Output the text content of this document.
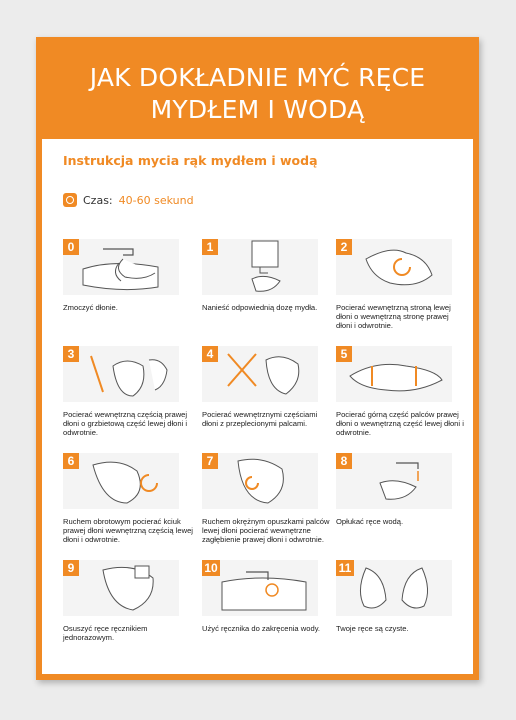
JAK DOKŁADNIE MYĆ RĘCE
MYDŁEM I WODĄ
Instrukcja mycia rąk mydłem i wodą
Czas: 40-60 sekund
0
Zmoczyć dłonie.
1
Nanieść odpowiednią dozę mydła.
2
Pocierać wewnętrzną stroną lewej dłoni o wewnętrzną stronę prawej dłoni i odwrotnie.
3
Pocierać wewnętrzną częścią prawej dłoni o grzbietową część lewej dłoni i odwrotnie.
4
Pocierać wewnętrznymi częściami dłoni z przeplecionymi palcami.
5
Pocierać górną część palców prawej dłoni o wewnętrzną część lewej dłoni i odwrotnie.
6
Ruchem obrotowym pocierać kciuk prawej dłoni wewnętrzną częścią lewej dłoni i odwrotnie.
7
Ruchem okrężnym opuszkami palców lewej dłoni pocierać wewnętrzne zagłębienie prawej dłoni i odwrotnie.
8
Opłukać ręce wodą.
9
Osuszyć ręce ręcznikiem jednorazowym.
10
Użyć ręcznika do zakręcenia wody.
11
Twoje ręce są czyste.
